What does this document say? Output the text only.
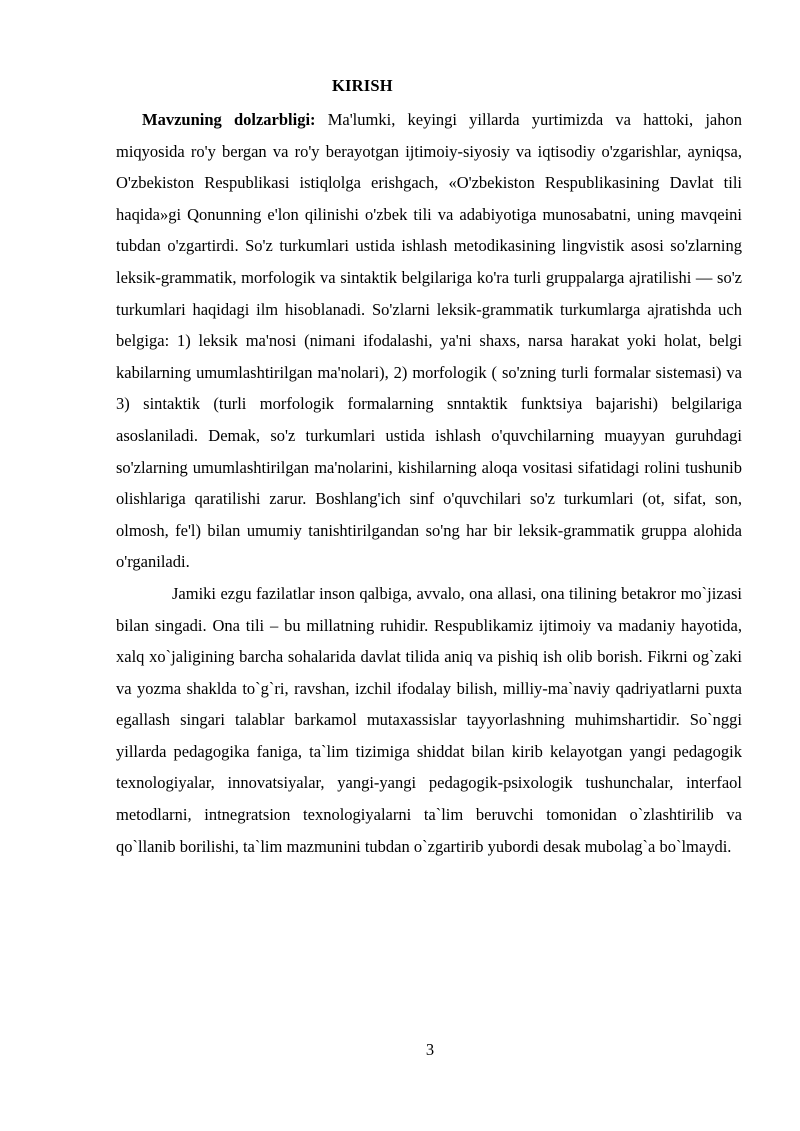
KIRISH

Mavzuning dolzarbligi: Ma'lumki, keyingi yillarda yurtimizda va hattoki, jahon miqyosida ro'y bergan va ro'y berayotgan ijtimoiy-siyosiy va iqtisodiy o'zgarishlar, ayniqsa, O'zbekiston Respublikasi istiqlolga erishgach, «O'zbekiston Respublikasining Davlat tili haqida»gi Qonunning e'lon qilinishi o'zbek tili va adabiyotiga munosabatni, uning mavqeini tubdan o'zgartirdi. So'z turkumlari ustida ishlash metodikasining lingvistik asosi so'zlarning leksik-grammatik, morfologik va sintaktik belgilariga ko'ra turli gruppalarga ajratilishi — so'z turkumlari haqidagi ilm hisoblanadi. So'zlarni leksik-grammatik turkumlarga ajratishda uch belgiga: 1) leksik ma'nosi (nimani ifodalashi, ya'ni shaxs, narsa harakat yoki holat, belgi kabilarning umumlashtirilgan ma'nolari), 2) morfologik ( so'zning turli formalar sistemasi) va 3) sintaktik (turli morfologik formalarning snntaktik funktsiya bajarishi) belgilariga asoslaniladi. Demak, so'z turkumlari ustida ishlash o'quvchilarning muayyan guruhdagi so'zlarning umumlashtirilgan ma'nolarini, kishilarning aloqa vositasi sifatidagi rolini tushunib olishlariga qaratilishi zarur. Boshlang'ich sinf o'quvchilari so'z turkumlari (ot, sifat, son, olmosh, fe'l) bilan umumiy tanishtirilgandan so'ng har bir leksik-grammatik gruppa alohida o'rganiladi.

Jamiki ezgu fazilatlar inson qalbiga, avvalo, ona allasi, ona tilining betakror mo`jizasi bilan singadi. Ona tili – bu millatning ruhidir. Respublikamiz ijtimoiy va madaniy hayotida, xalq xo`jaligining barcha sohalarida davlat tilida aniq va pishiq ish olib borish. Fikrni og`zaki va yozma shaklda to`g`ri, ravshan, izchil ifodalay bilish, milliy-ma`naviy qadriyatlarni puxta egallash singari talablar barkamol mutaxassislar tayyorlashning muhimshartidir. So`nggi yillarda pedagogika faniga, ta`lim tizimiga shiddat bilan kirib kelayotgan yangi pedagogik texnologiyalar, innovatsiyalar, yangi-yangi pedagogik-psixologik tushunchalar, interfaol metodlarni, intnegratsion texnologiyalarni ta`lim beruvchi tomonidan o`zlashtirilib va qo`llanib borilishi, ta`lim mazmunini tubdan o`zgartirib yubordi desak mubolag`a bo`lmaydi.

3
